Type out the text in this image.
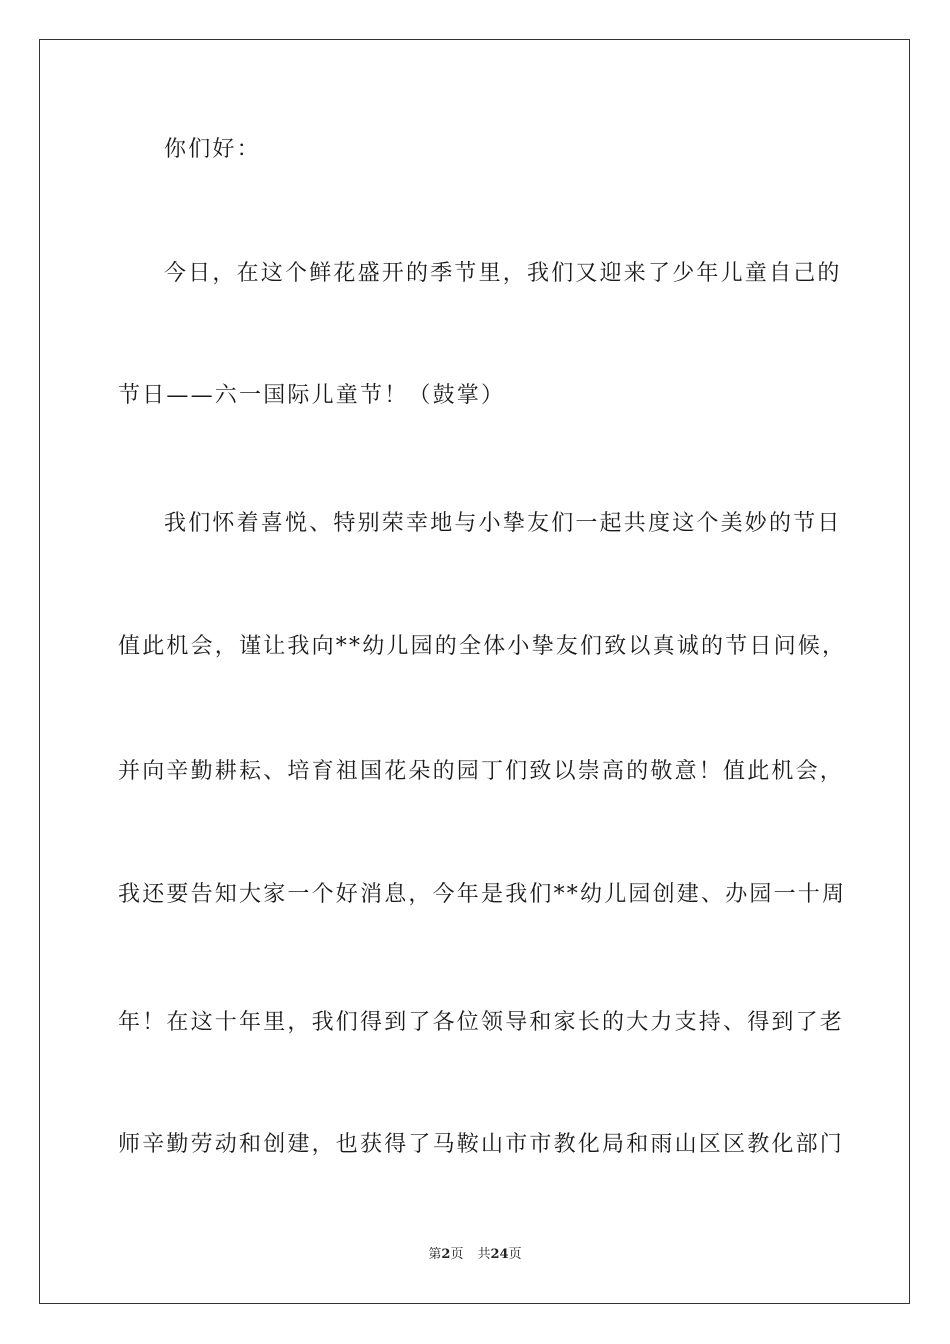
你们好：
今日，在这个鲜花盛开的季节里，我们又迎来了少年儿童自己的
节日——六一国际儿童节！（鼓掌）
我们怀着喜悦、特别荣幸地与小挚友们一起共度这个美妙的节日
值此机会，谨让我向**幼儿园的全体小挚友们致以真诚的节日问候，
并向辛勤耕耘、培育祖国花朵的园丁们致以崇高的敬意！值此机会，
我还要告知大家一个好消息，今年是我们**幼儿园创建、办园一十周
年！在这十年里，我们得到了各位领导和家长的大力支持、得到了老
师辛勤劳动和创建，也获得了马鞍山市市教化局和雨山区区教化部门
第2页 共24页
